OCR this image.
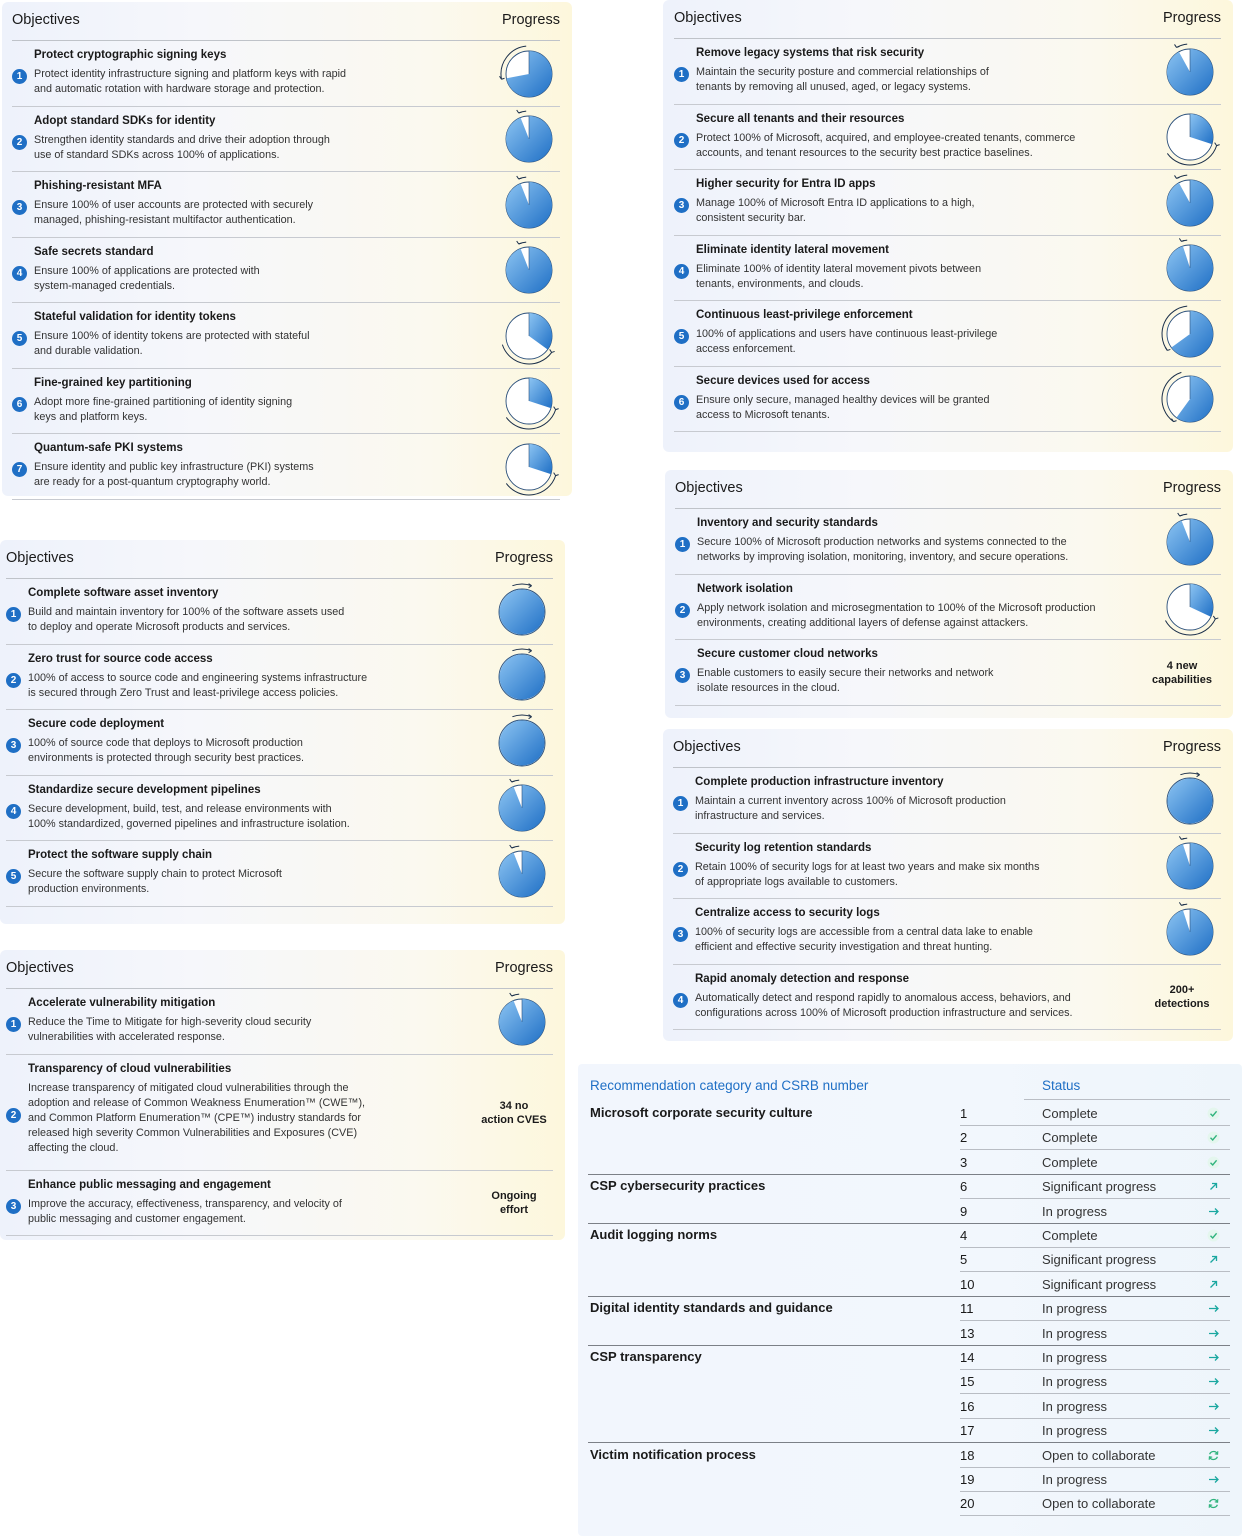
Objectives	Progress
1
Protect cryptographic signing keys
Protect identity infrastructure signing and platform keys with rapid
and automatic rotation with hardware storage and protection.
2
Adopt standard SDKs for identity
Strengthen identity standards and drive their adoption through
use of standard SDKs across 100% of applications.
3
Phishing-resistant MFA
Ensure 100% of user accounts are protected with securely
managed, phishing-resistant multifactor authentication.
4
Safe secrets standard
Ensure 100% of applications are protected with
system-managed credentials.
5
Stateful validation for identity tokens
Ensure 100% of identity tokens are protected with stateful
and durable validation.
6
Fine-grained key partitioning
Adopt more fine-grained partitioning of identity signing
keys and platform keys.
7
Quantum-safe PKI systems
Ensure identity and public key infrastructure (PKI) systems
are ready for a post-quantum cryptography world.
Objectives	Progress
1
Remove legacy systems that risk security
Maintain the security posture and commercial relationships of
tenants by removing all unused, aged, or legacy systems.
2
Secure all tenants and their resources
Protect 100% of Microsoft, acquired, and employee-created tenants, commerce
accounts, and tenant resources to the security best practice baselines.
3
Higher security for Entra ID apps
Manage 100% of Microsoft Entra ID applications to a high,
consistent security bar.
4
Eliminate identity lateral movement
Eliminate 100% of identity lateral movement pivots between
tenants, environments, and clouds.
5
Continuous least-privilege enforcement
100% of applications and users have continuous least-privilege
access enforcement.
6
Secure devices used for access
Ensure only secure, managed healthy devices will be granted
access to Microsoft tenants.
Objectives	Progress
1
Inventory and security standards
Secure 100% of Microsoft production networks and systems connected to the
networks by improving isolation, monitoring, inventory, and secure operations.
2
Network isolation
Apply network isolation and microsegmentation to 100% of the Microsoft production
environments, creating additional layers of defense against attackers.
3
Secure customer cloud networks
Enable customers to easily secure their networks and network
isolate resources in the cloud.
4 new
capabilities
Objectives	Progress
1
Complete software asset inventory
Build and maintain inventory for 100% of the software assets used
to deploy and operate Microsoft products and services.
2
Zero trust for source code access
100% of access to source code and engineering systems infrastructure
is secured through Zero Trust and least-privilege access policies.
3
Secure code deployment
100% of source code that deploys to Microsoft production
environments is protected through security best practices.
4
Standardize secure development pipelines
Secure development, build, test, and release environments with
100% standardized, governed pipelines and infrastructure isolation.
5
Protect the software supply chain
Secure the software supply chain to protect Microsoft
production environments.
Objectives	Progress
1
Complete production infrastructure inventory
Maintain a current inventory across 100% of Microsoft production
infrastructure and services.
2
Security log retention standards
Retain 100% of security logs for at least two years and make six months
of appropriate logs available to customers.
3
Centralize access to security logs
100% of security logs are accessible from a central data lake to enable
efficient and effective security investigation and threat hunting.
4
Rapid anomaly detection and response
Automatically detect and respond rapidly to anomalous access, behaviors, and
configurations across 100% of Microsoft production infrastructure and services.
200+
detections
Objectives	Progress
1
Accelerate vulnerability mitigation
Reduce the Time to Mitigate for high-severity cloud security
vulnerabilities with accelerated response.
2
Transparency of cloud vulnerabilities
Increase transparency of mitigated cloud vulnerabilities through the
adoption and release of Common Weakness Enumeration™ (CWE™),
and Common Platform Enumeration™ (CPE™) industry standards for
released high severity Common Vulnerabilities and Exposures (CVE)
affecting the cloud.
34 no
action CVES
3
Enhance public messaging and engagement
Improve the accuracy, effectiveness, transparency, and velocity of
public messaging and customer engagement.
Ongoing
effort
Recommendation category and CSRB number	Status
Microsoft corporate security culture	1	Complete
2	Complete
3	Complete
CSP cybersecurity practices	6	Significant progress
9	In progress
Audit logging norms	4	Complete
5	Significant progress
10	Significant progress
Digital identity standards and guidance	11	In progress
13	In progress
CSP transparency	14	In progress
15	In progress
16	In progress
17	In progress
Victim notification process	18	Open to collaborate
19	In progress
20	Open to collaborate
